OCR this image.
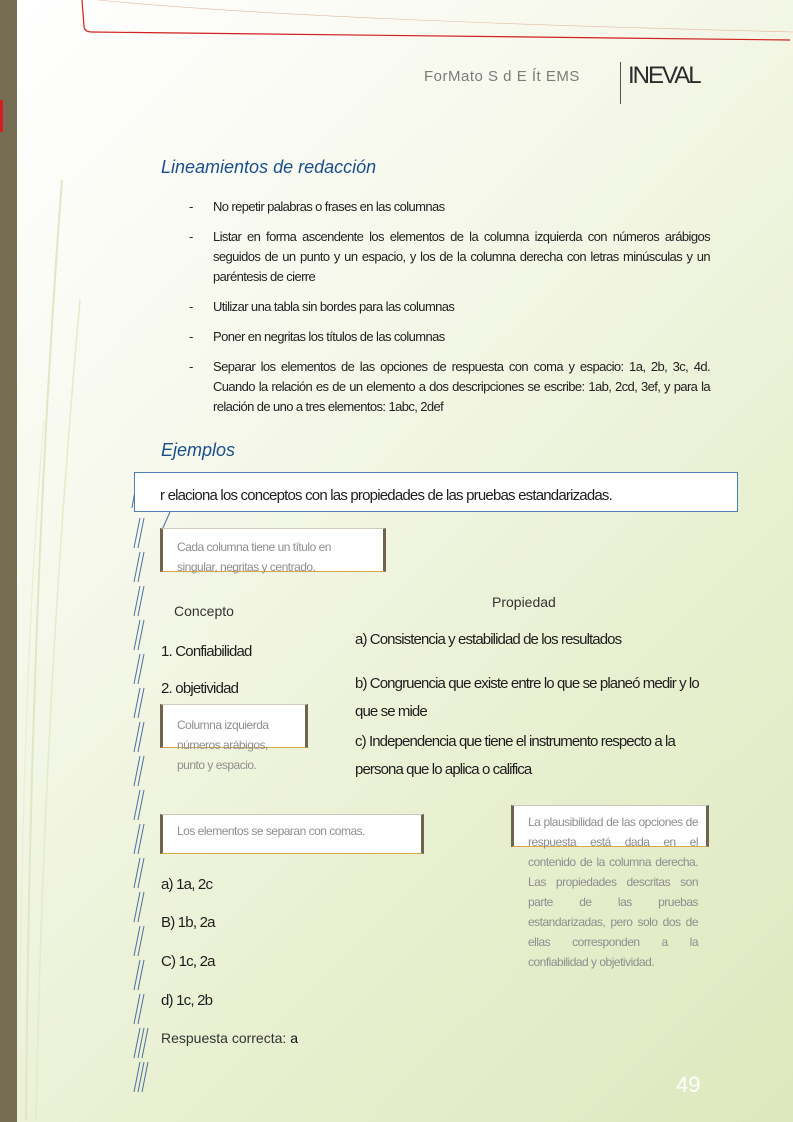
ForMato S d E Ít EMS INEVAL
Lineamientos de redacción
- No repetir palabras o frases en las columnas
- Listar en forma ascendente los elementos de la columna izquierda con números arábigos seguidos de un punto y un espacio, y los de la columna derecha con letras minúsculas y un paréntesis de cierre
- Utilizar una tabla sin bordes para las columnas
- Poner en negritas los títulos de las columnas
- Separar los elementos de las opciones de respuesta con coma y espacio: 1a, 2b, 3c, 4d. Cuando la relación es de un elemento a dos descripciones se escribe: 1ab, 2cd, 3ef, y para la relación de uno a tres elementos: 1abc, 2def
Ejemplos
r elaciona los conceptos con las propiedades de las pruebas estandarizadas.
Cada columna tiene un título en singular, negritas y centrado.
Concepto
Propiedad
1. Confiabilidad
2. objetividad
a) Consistencia y estabilidad de los resultados
b) Congruencia que existe entre lo que se planeó medir y lo que se mide
c) Independencia que tiene el instrumento respecto a la persona que lo aplica o califica
Columna izquierda números arábigos, punto y espacio.
Los elementos se separan con comas.
La plausibilidad de las opciones de respuesta está dada en el contenido de la columna derecha. Las propiedades descritas son parte de las pruebas estandarizadas, pero solo dos de ellas corresponden a la confiabilidad y objetividad.
a) 1a, 2c
B) 1b, 2a
C) 1c, 2a
d) 1c, 2b
Respuesta correcta: a
49
